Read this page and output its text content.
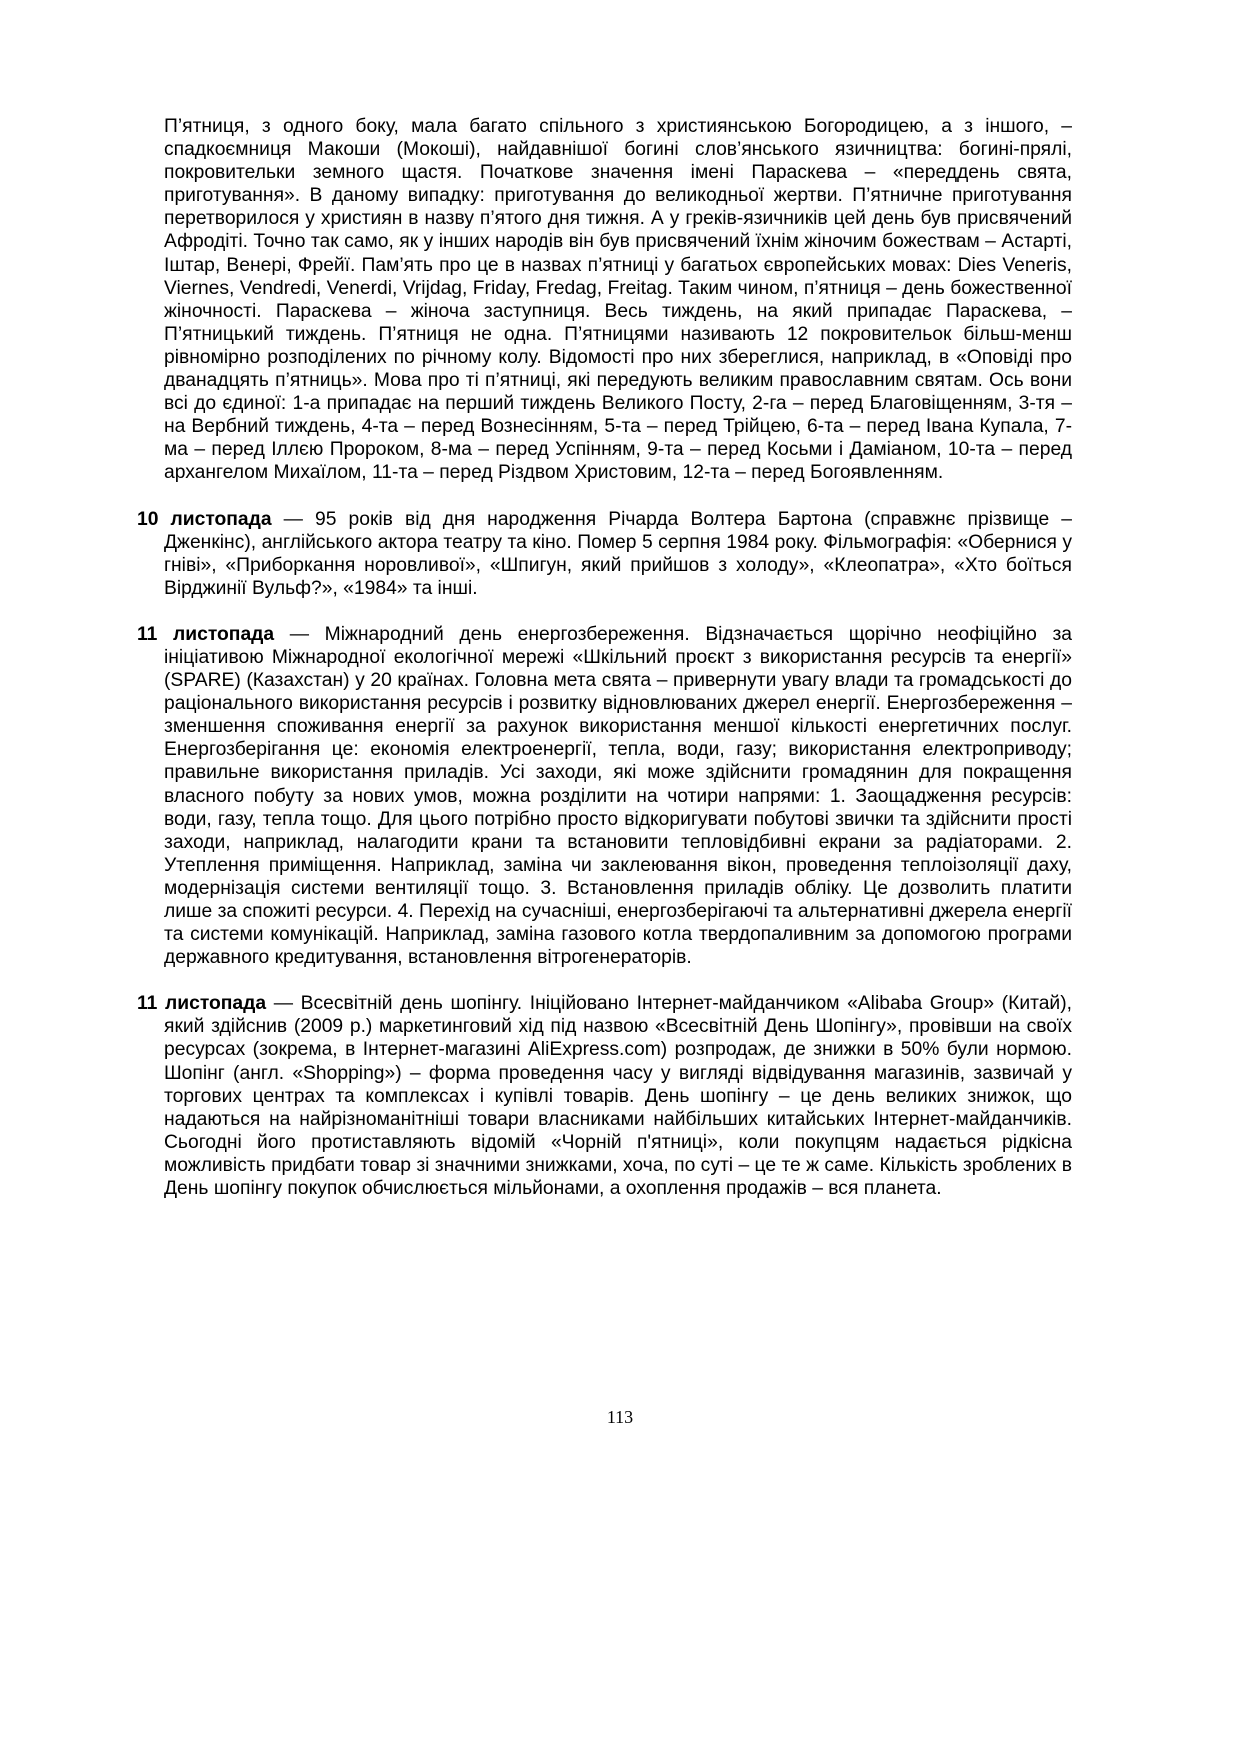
П’ятниця, з одного боку, мала багато спільного з християнською Богородицею, а з іншого, – спадкоємниця Макоши (Мокоші), найдавнішої богині слов’янського язичництва: богині-прялі, покровительки земного щастя. Початкове значення імені Параскева – «переддень свята, приготування». В даному випадку: приготування до великодньої жертви. П’ятничне приготування перетворилося у християн в назву п’ятого дня тижня. А у греків-язичників цей день був присвячений Афродіті. Точно так само, як у інших народів він був присвячений їхнім жіночим божествам – Астарті, Іштар, Венері, Фрейї. Пам’ять про це в назвах п’ятниці у багатьох європейських мовах: Dies Veneris, Viernes, Vendredi, Venerdi, Vrijdag, Friday, Fredag, Freitag. Таким чином, п’ятниця – день божественної жіночності. Параскева – жіноча заступниця. Весь тиждень, на який припадає Параскева, – П’ятницький тиждень. П’ятниця не одна. П’ятницями називають 12 покровительок більш-менш рівномірно розподілених по річному колу. Відомості про них збереглися, наприклад, в «Оповіді про дванадцять п’ятниць». Мова про ті п’ятниці, які передують великим православним святам. Ось вони всі до єдиної: 1-а припадає на перший тиждень Великого Посту, 2-га – перед Благовіщенням, 3-тя – на Вербний тиждень, 4-та – перед Вознесінням, 5-та – перед Трійцею, 6-та – перед Івана Купала, 7-ма – перед Іллєю Пророком, 8-ма – перед Успінням, 9-та – перед Косьми і Даміаном, 10-та – перед архангелом Михаїлом, 11-та – перед Різдвом Христовим, 12-та – перед Богоявленням.

10 листопада — 95 років від дня народження Річарда Волтера Бартона (справжнє прізвище – Дженкінс), англійського актора театру та кіно. Помер 5 серпня 1984 року. Фільмографія: «Обернися у гніві», «Приборкання норовливої», «Шпигун, який прийшов з холоду», «Клеопатра», «Хто боїться Вірджинії Вульф?», «1984» та інші.

11 листопада — Міжнародний день енергозбереження. Відзначається щорічно неофіційно за ініціативою Міжнародної екологічної мережі «Шкільний проєкт з використання ресурсів та енергії» (SPARE) (Казахстан) у 20 країнах. Головна мета свята – привернути увагу влади та громадськості до раціонального використання ресурсів і розвитку відновлюваних джерел енергії. Енергозбереження – зменшення споживання енергії за рахунок використання меншої кількості енергетичних послуг. Енергозберігання це: економія електроенергії, тепла, води, газу; використання електроприводу; правильне використання приладів. Усі заходи, які може здійснити громадянин для покращення власного побуту за нових умов, можна розділити на чотири напрями: 1. Заощадження ресурсів: води, газу, тепла тощо. Для цього потрібно просто відкоригувати побутові звички та здійснити прості заходи, наприклад, налагодити крани та встановити тепловідбивні екрани за радіаторами. 2. Утеплення приміщення. Наприклад, заміна чи заклеювання вікон, проведення теплоізоляції даху, модернізація системи вентиляції тощо. 3. Встановлення приладів обліку. Це дозволить платити лише за спожиті ресурси. 4. Перехід на сучасніші, енергозберігаючі та альтернативні джерела енергії та системи комунікацій. Наприклад, заміна газового котла твердопаливним за допомогою програми державного кредитування, встановлення вітрогенераторів.

11 листопада — Всесвітній день шопінгу. Ініційовано Інтернет-майданчиком «Alibaba Group» (Китай), який здійснив (2009 р.) маркетинговий хід під назвою «Всесвітній День Шопінгу», провівши на своїх ресурсах (зокрема, в Інтернет-магазині AliExpress.com) розпродаж, де знижки в 50% були нормою. Шопінг (англ. «Shopping») – форма проведення часу у вигляді відвідування магазинів, зазвичай у торгових центрах та комплексах і купівлі товарів. День шопінгу – це день великих знижок, що надаються на найрізноманітніші товари власниками найбільших китайських Інтернет-майданчиків. Сьогодні його протиставляють відомій «Чорній п'ятниці», коли покупцям надається рідкісна можливість придбати товар зі значними знижками, хоча, по суті – це те ж саме. Кількість зроблених в День шопінгу покупок обчислюється мільйонами, а охоплення продажів – вся планета.

113
